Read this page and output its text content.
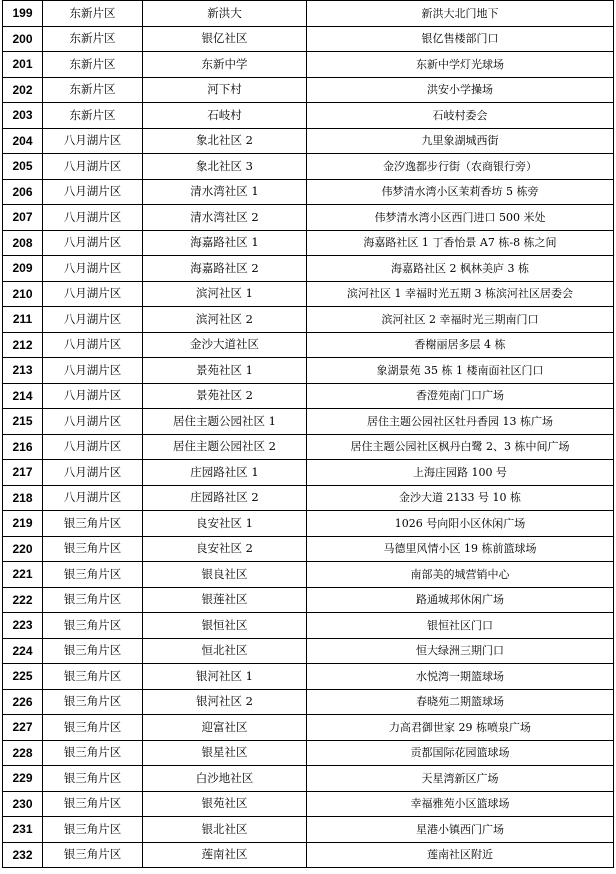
199	东新片区	新洪大	新洪大北门地下
200	东新片区	银亿社区	银亿售楼部门口
201	东新片区	东新中学	东新中学灯光球场
202	东新片区	河下村	洪安小学操场
203	东新片区	石岐村	石岐村委会
204	八月湖片区	象北社区 2	九里象湖城西街
205	八月湖片区	象北社区 3	金汐逸都步行街（农商银行旁）
206	八月湖片区	清水湾社区 1	伟梦清水湾小区茉莉香坊 5 栋旁
207	八月湖片区	清水湾社区 2	伟梦清水湾小区西门进口 500 米处
208	八月湖片区	海嘉路社区 1	海嘉路社区 1 丁香怡景 A7 栋-8 栋之间
209	八月湖片区	海嘉路社区 2	海嘉路社区 2 枫林美庐 3 栋
210	八月湖片区	滨河社区 1	滨河社区 1 幸福时光五期 3 栋滨河社区居委会
211	八月湖片区	滨河社区 2	滨河社区 2 幸福时光三期南门口
212	八月湖片区	金沙大道社区	香榭丽居多层 4 栋
213	八月湖片区	景苑社区 1	象湖景苑 35 栋 1 楼南面社区门口
214	八月湖片区	景苑社区 2	香澄苑南门口广场
215	八月湖片区	居住主题公园社区 1	居住主题公园社区牡丹香园 13 栋广场
216	八月湖片区	居住主题公园社区 2	居住主题公园社区枫丹白鹭 2、3 栋中间广场
217	八月湖片区	庄园路社区 1	上海庄园路 100 号
218	八月湖片区	庄园路社区 2	金沙大道 2133 号 10 栋
219	银三角片区	良安社区 1	1026 号向阳小区休闲广场
220	银三角片区	良安社区 2	马德里风情小区 19 栋前篮球场
221	银三角片区	银良社区	南部美的城营销中心
222	银三角片区	银莲社区	路通城邦休闲广场
223	银三角片区	银恒社区	银恒社区门口
224	银三角片区	恒北社区	恒大绿洲三期门口
225	银三角片区	银河社区 1	水悦湾一期篮球场
226	银三角片区	银河社区 2	春晓苑二期篮球场
227	银三角片区	迎富社区	力高君御世家 29 栋喷泉广场
228	银三角片区	银星社区	贡都国际花园篮球场
229	银三角片区	白沙地社区	天星湾新区广场
230	银三角片区	银苑社区	幸福雅苑小区篮球场
231	银三角片区	银北社区	星港小镇西门广场
232	银三角片区	莲南社区	莲南社区附近
